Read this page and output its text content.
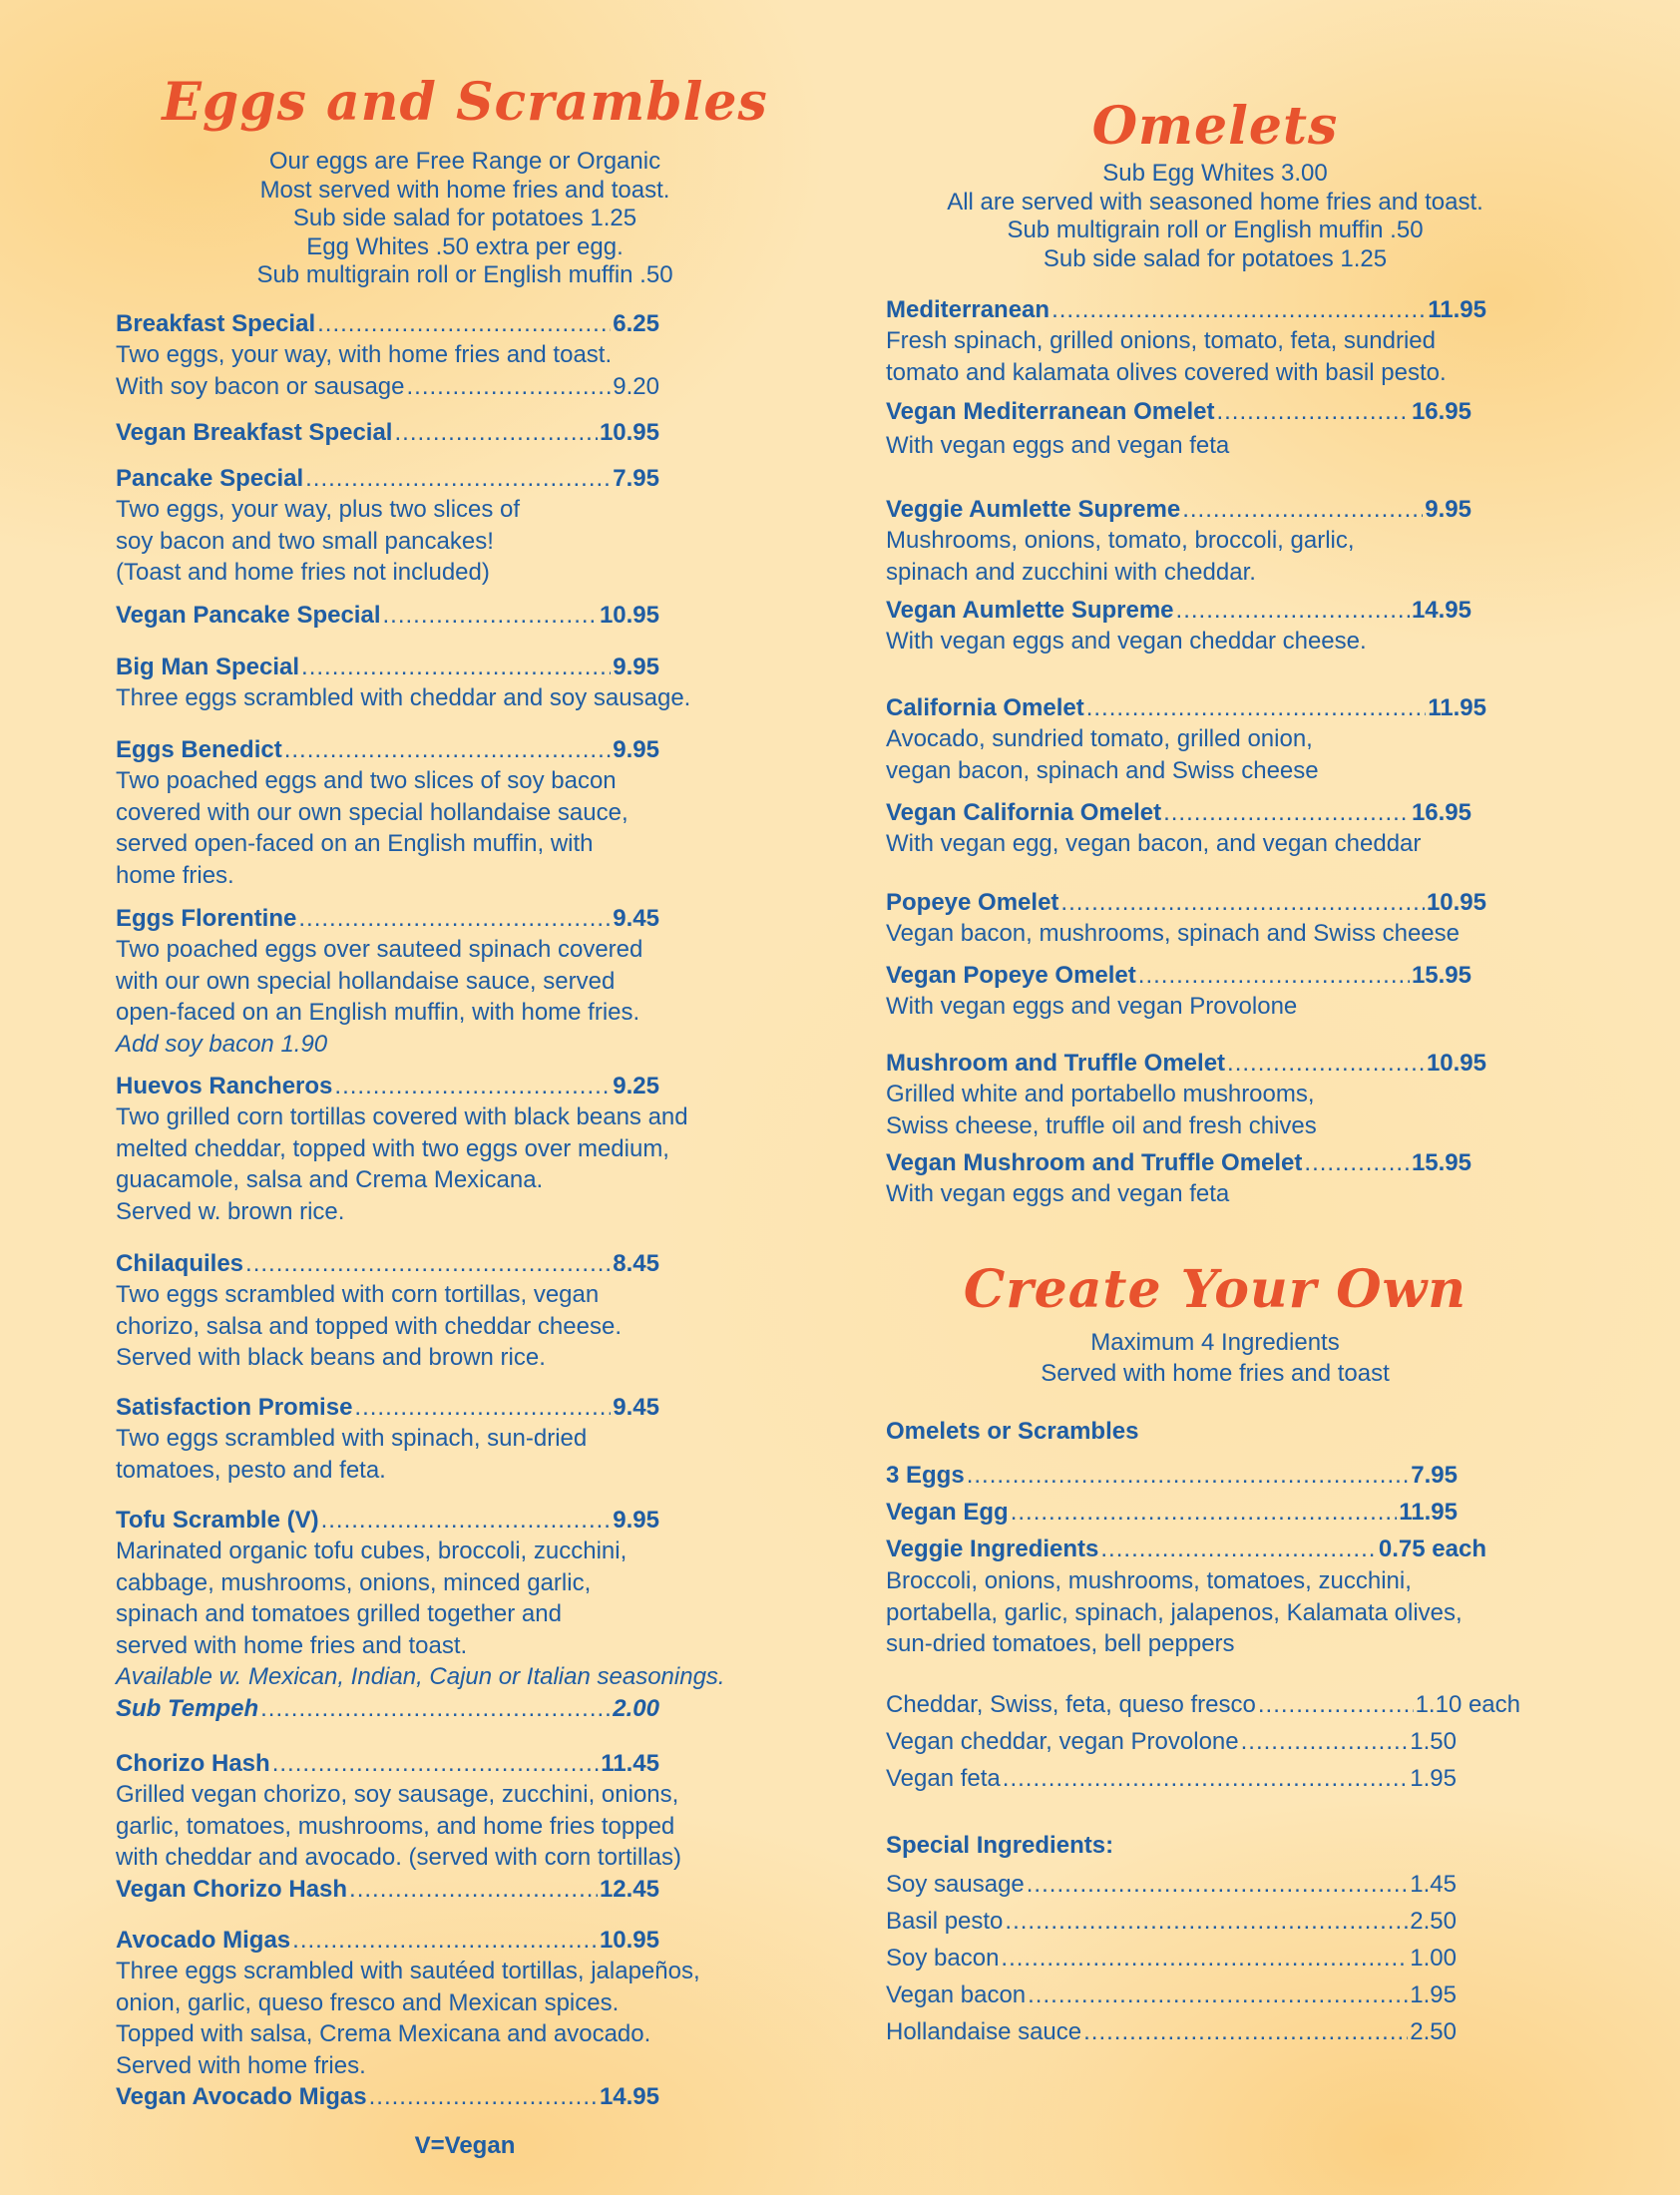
Eggs and Scrambles
Our eggs are Free Range or Organic
Most served with home fries and toast.
Sub side salad for potatoes 1.25
Egg Whites .50 extra per egg.
Sub multigrain roll or English muffin .50
Breakfast Special .....	6.25
Two eggs, your way, with home fries and toast.
With soy bacon or sausage .....	9.20
Vegan Breakfast Special .....	10.95
Pancake Special .....	7.95
Two eggs, your way, plus two slices of
soy bacon and two small pancakes!
(Toast and home fries not included)
Vegan Pancake Special .....	10.95
Big Man Special .....	9.95
Three eggs scrambled with cheddar and soy sausage.
Eggs Benedict .....	9.95
Two poached eggs and two slices of soy bacon
covered with our own special hollandaise sauce,
served open-faced on an English muffin, with
home fries.
Eggs Florentine .....	9.45
Two poached eggs over sauteed spinach covered
with our own special hollandaise sauce, served
open-faced on an English muffin, with home fries.
Add soy bacon 1.90
Huevos Rancheros .....	9.25
Two grilled corn tortillas covered with black beans and
melted cheddar, topped with two eggs over medium,
guacamole, salsa and Crema Mexicana.
Served w. brown rice.
Chilaquiles .....	8.45
Two eggs scrambled with corn tortillas, vegan
chorizo, salsa and topped with cheddar cheese.
Served with black beans and brown rice.
Satisfaction Promise .....	9.45
Two eggs scrambled with spinach, sun-dried
tomatoes, pesto and feta.
Tofu Scramble (V) .....	9.95
Marinated organic tofu cubes, broccoli, zucchini,
cabbage, mushrooms, onions, minced garlic,
spinach and tomatoes grilled together and
served with home fries and toast.
Available w. Mexican, Indian, Cajun or Italian seasonings.
Sub Tempeh .....	2.00
Chorizo Hash .....	11.45
Grilled vegan chorizo, soy sausage, zucchini, onions,
garlic, tomatoes, mushrooms, and home fries topped
with cheddar and avocado. (served with corn tortillas)
Vegan Chorizo Hash .....	12.45
Avocado Migas .....	10.95
Three eggs scrambled with sautéed tortillas, jalapeños,
onion, garlic, queso fresco and Mexican spices.
Topped with salsa, Crema Mexicana and avocado.
Served with home fries.
Vegan Avocado Migas .....	14.95
V=Vegan
Omelets
Sub Egg Whites 3.00
All are served with seasoned home fries and toast.
Sub multigrain roll or English muffin .50
Sub side salad for potatoes 1.25
Mediterranean .....	11.95
Fresh spinach, grilled onions, tomato, feta, sundried
tomato and kalamata olives covered with basil pesto.
Vegan Mediterranean Omelet .....	16.95
With vegan eggs and vegan feta
Veggie Aumlette Supreme .....	9.95
Mushrooms, onions, tomato, broccoli, garlic,
spinach and zucchini with cheddar.
Vegan Aumlette Supreme .....	14.95
With vegan eggs and vegan cheddar cheese.
California Omelet .....	11.95
Avocado, sundried tomato, grilled onion,
vegan bacon, spinach and Swiss cheese
Vegan California Omelet .....	16.95
With vegan egg, vegan bacon, and vegan cheddar
Popeye Omelet .....	10.95
Vegan bacon, mushrooms, spinach and Swiss cheese
Vegan Popeye Omelet .....	15.95
With vegan eggs and vegan Provolone
Mushroom and Truffle Omelet .....	10.95
Grilled white and portabello mushrooms,
Swiss cheese, truffle oil and fresh chives
Vegan Mushroom and Truffle Omelet .....	15.95
With vegan eggs and vegan feta
Create Your Own
Maximum 4 Ingredients
Served with home fries and toast
Omelets or Scrambles
3 Eggs .....	7.95
Vegan Egg .....	11.95
Veggie Ingredients .....	0.75 each
Broccoli, onions, mushrooms, tomatoes, zucchini,
portabella, garlic, spinach, jalapenos, Kalamata olives,
sun-dried tomatoes, bell peppers
Cheddar, Swiss, feta, queso fresco .....	1.10 each
Vegan cheddar, vegan Provolone .....	1.50
Vegan feta .....	1.95
Special Ingredients:
Soy sausage .....	1.45
Basil pesto .....	2.50
Soy bacon .....	1.00
Vegan bacon .....	1.95
Hollandaise sauce .....	2.50
